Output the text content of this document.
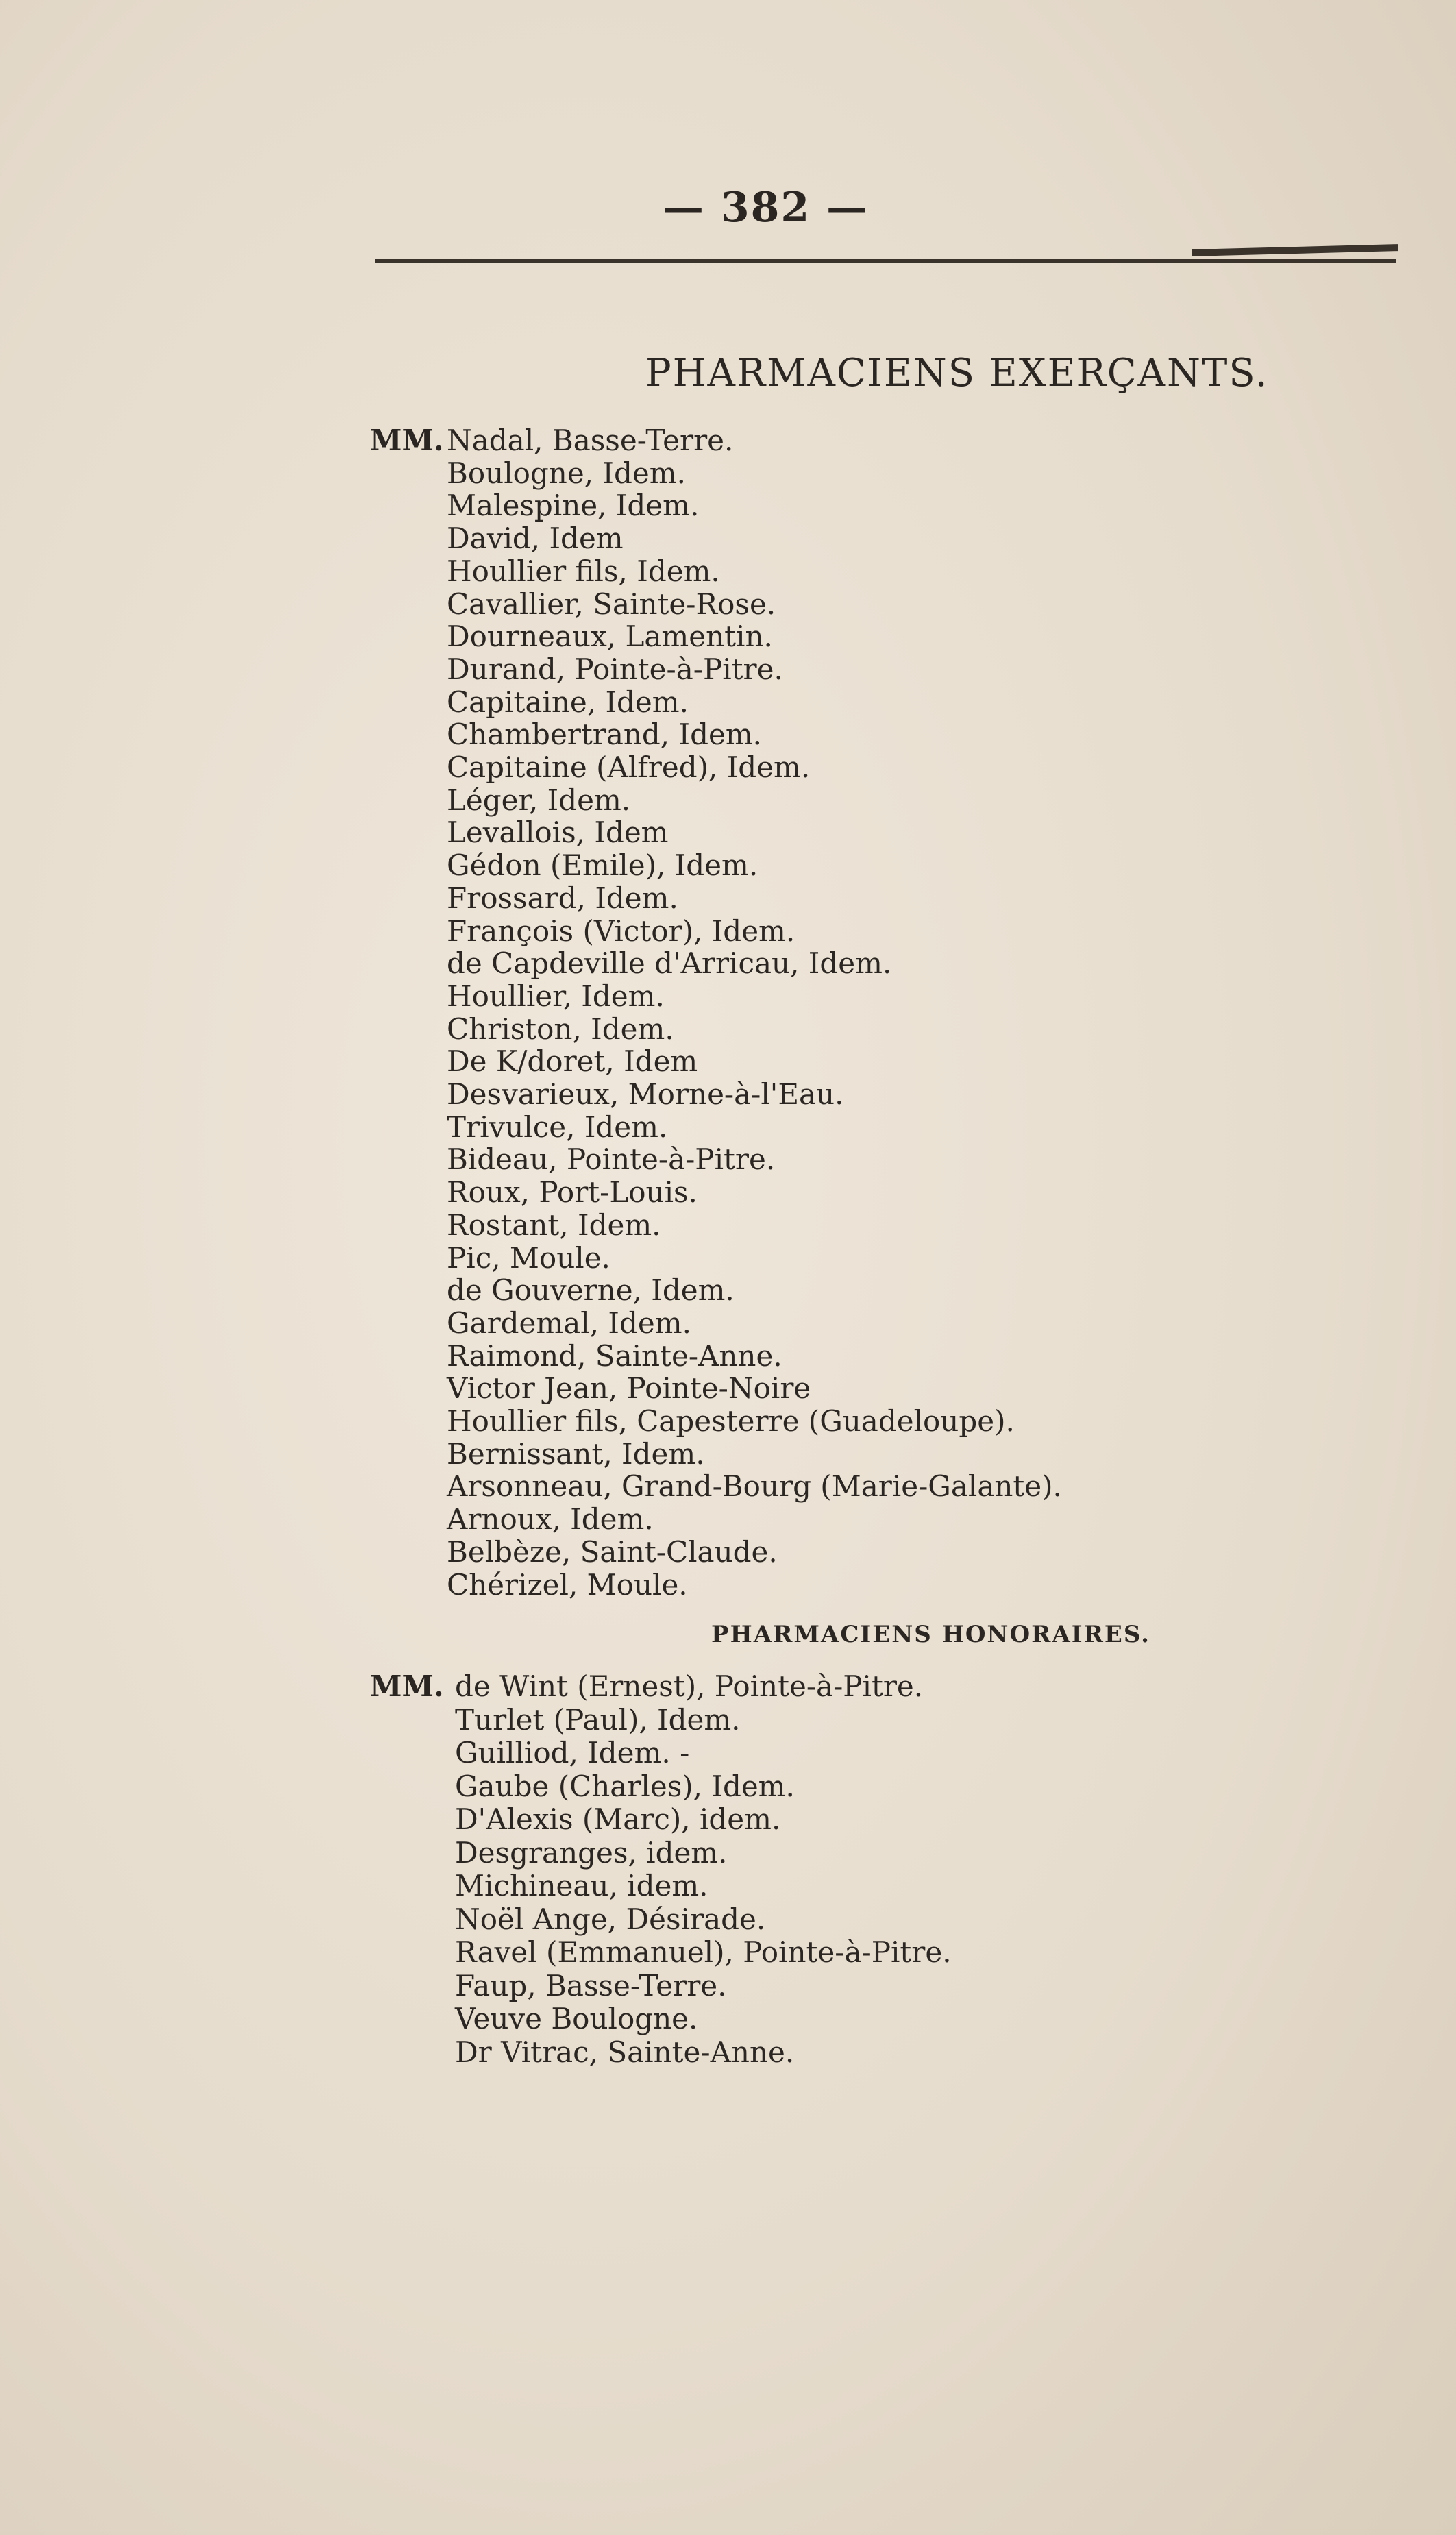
— 382 —
PHARMACIENS EXERÇANTS.
MM. Nadal, Basse-Terre.
Boulogne, Idem.
Malespine, Idem.
David, Idem
Houllier fils, Idem.
Cavallier, Sainte-Rose.
Dourneaux, Lamentin.
Durand, Pointe-à-Pitre.
Capitaine, Idem.
Chambertrand, Idem.
Capitaine (Alfred), Idem.
Léger, Idem.
Levallois, Idem
Gédon (Emile), Idem.
Frossard, Idem.
François (Victor), Idem.
de Capdeville d'Arricau, Idem.
Houllier, Idem.
Christon, Idem.
De K/doret, Idem
Desvarieux, Morne-à-l'Eau.
Trivulce, Idem.
Bideau, Pointe-à-Pitre.
Roux, Port-Louis.
Rostant, Idem.
Pic, Moule.
de Gouverne, Idem.
Gardemal, Idem.
Raimond, Sainte-Anne.
Victor Jean, Pointe-Noire
Houllier fils, Capesterre (Guadeloupe).
Bernissant, Idem.
Arsonneau, Grand-Bourg (Marie-Galante).
Arnoux, Idem.
Belbèze, Saint-Claude.
Chérizel, Moule.
PHARMACIENS HONORAIRES.
MM. de Wint (Ernest), Pointe-à-Pitre.
Turlet (Paul), Idem.
Guilliod, Idem. -
Gaube (Charles), Idem.
D'Alexis (Marc), idem.
Desgranges, idem.
Michineau, idem.
Noël Ange, Désirade.
Ravel (Emmanuel), Pointe-à-Pitre.
Faup, Basse-Terre.
Veuve Boulogne.
Dr Vitrac, Sainte-Anne.
